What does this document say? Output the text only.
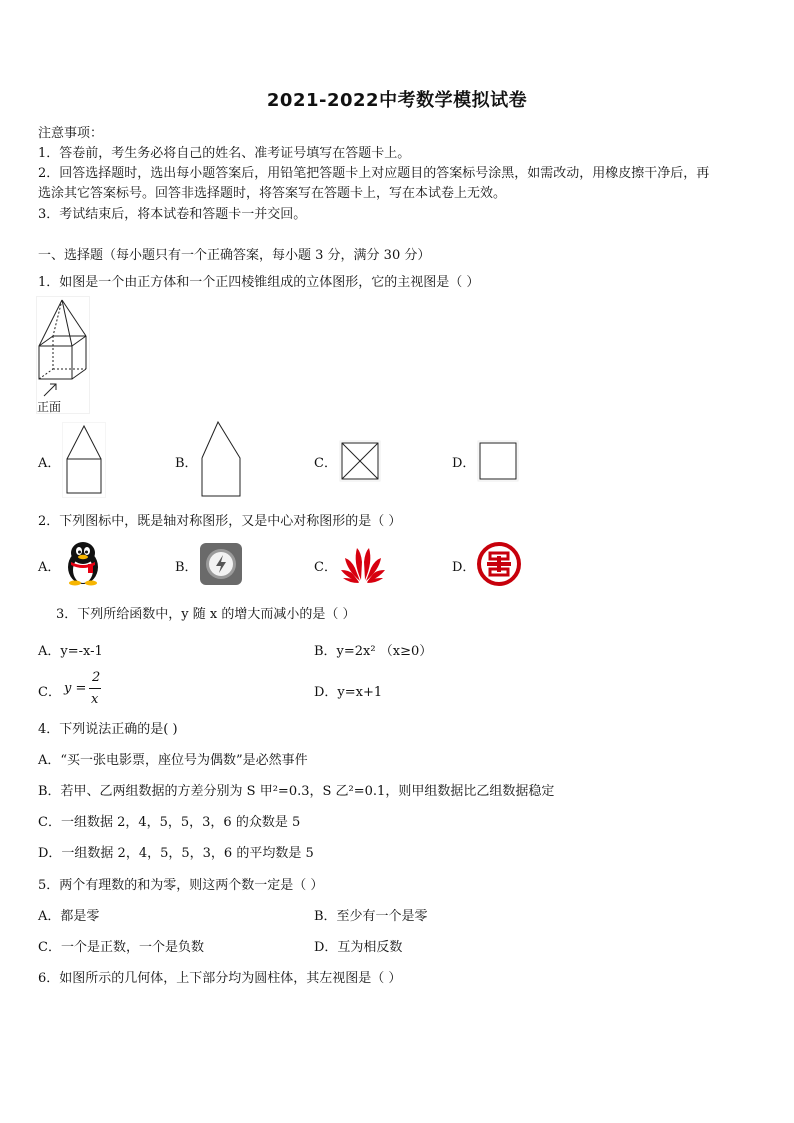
2021-2022中考数学模拟试卷
注意事项：
1．答卷前，考生务必将自己的姓名、准考证号填写在答题卡上。
2．回答选择题时，选出每小题答案后，用铅笔把答题卡上对应题目的答案标号涂黑，如需改动，用橡皮擦干净后，再
选涂其它答案标号。回答非选择题时，将答案写在答题卡上，写在本试卷上无效。
3．考试结束后，将本试卷和答题卡一并交回。
一、选择题（每小题只有一个正确答案，每小题 3 分，满分 30 分）
1．如图是一个由正方体和一个正四棱锥组成的立体图形，它的主视图是（ ）
正面
A．	B．	C．	D．
2．下列图标中，既是轴对称图形，又是中心对称图形的是（ ）
A．	B．	C．	D．
3．下列所给函数中，y 随 x 的增大而减小的是（ ）
A．y=-x-1	B．y=2x² （x≥0）
C． y =
2
x	D．y=x+1
4．下列说法正确的是( )
A．“买一张电影票，座位号为偶数”是必然事件
B．若甲、乙两组数据的方差分别为 S 甲²=0.3，S 乙²=0.1，则甲组数据比乙组数据稳定
C．一组数据 2，4，5，5，3，6 的众数是 5
D．一组数据 2，4，5，5，3，6 的平均数是 5
5．两个有理数的和为零，则这两个数一定是（ ）
A．都是零	B．至少有一个是零
C．一个是正数，一个是负数	D．互为相反数
6．如图所示的几何体，上下部分均为圆柱体，其左视图是（ ）
